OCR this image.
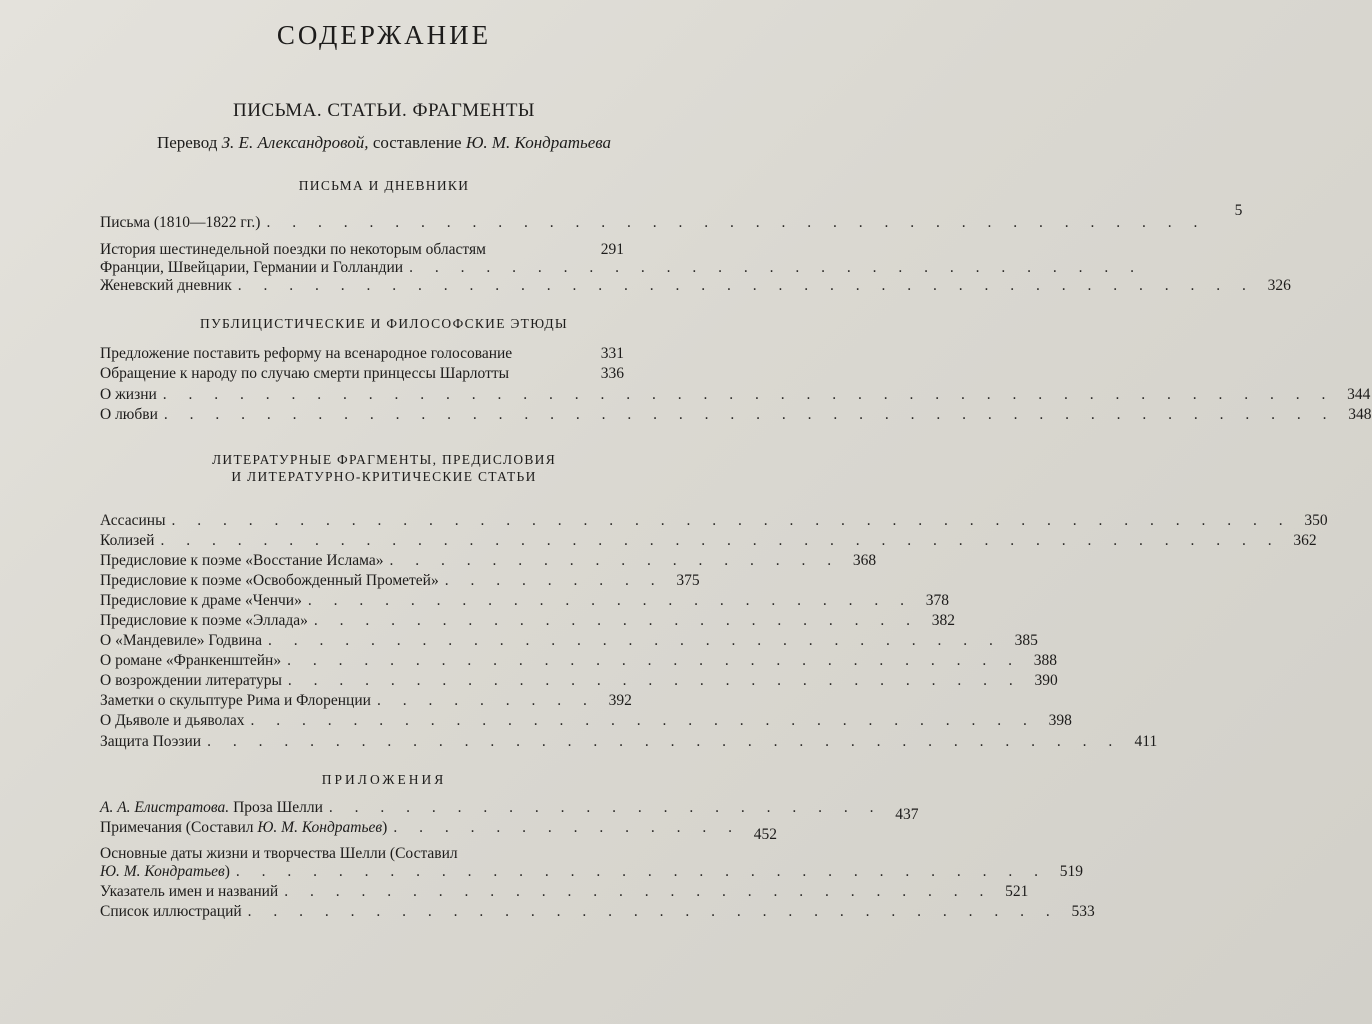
СОДЕРЖАНИЕ
ПИСЬМА. СТАТЬИ. ФРАГМЕНТЫ
Перевод З. Е. Александровой, составление Ю. М. Кондратьева
ПИСЬМА И ДНЕВНИКИ
Письма (1810—1822 гг.) . . . . . . . . . . . . . . . . . . . . . . . . . . . . . . . . . . . . .
5
История шестинедельной поездки по некоторым областям	291
Франции, Швейцарии, Германии и Голландии . . . . . . . . . . . . . . . . . . . . . . . . . . . . .
Женевский дневник . . . . . . . . . . . . . . . . . . . . . . . . . . . . . . . . . . . . . . . . 326
ПУБЛИЦИСТИЧЕСКИЕ И ФИЛОСОФСКИЕ ЭТЮДЫ
Предложение поставить реформу на всенародное голосование	331
Обращение к народу по случаю смерти принцессы Шарлотты	336
О жизни . . . . . . . . . . . . . . . . . . . . . . . . . . . . . . . . . . . . . . . . . . . . . . 344
О любви . . . . . . . . . . . . . . . . . . . . . . . . . . . . . . . . . . . . . . . . . . . . . . 348
ЛИТЕРАТУРНЫЕ ФРАГМЕНТЫ, ПРЕДИСЛОВИЯ
И ЛИТЕРАТУРНО-КРИТИЧЕСКИЕ СТАТЬИ
Ассасины . . . . . . . . . . . . . . . . . . . . . . . . . . . . . . . . . . . . . . . . . . . . 350
Колизей . . . . . . . . . . . . . . . . . . . . . . . . . . . . . . . . . . . . . . . . . . . . 362
Предисловие к поэме «Восстание Ислама» . . . . . . . . . . . . . . . . . . 368
Предисловие к поэме «Освобожденный Прометей» . . . . . . . . . 375
Предисловие к драме «Ченчи» . . . . . . . . . . . . . . . . . . . . . . . . 378
Предисловие к поэме «Эллада» . . . . . . . . . . . . . . . . . . . . . . . . 382
О «Мандевиле» Годвина . . . . . . . . . . . . . . . . . . . . . . . . . . . . . 385
О романе «Франкенштейн» . . . . . . . . . . . . . . . . . . . . . . . . . . . . . 388
О возрождении литературы . . . . . . . . . . . . . . . . . . . . . . . . . . . . . 390
Заметки о скульптуре Рима и Флоренции . . . . . . . . . 392
О Дьяволе и дьяволах . . . . . . . . . . . . . . . . . . . . . . . . . . . . . . . 398
Защита Поэзии . . . . . . . . . . . . . . . . . . . . . . . . . . . . . . . . . . . . 411
ПРИЛОЖЕНИЯ
А. А. Елистратова. Проза Шелли . . . . . . . . . . . . . . . . . . . . . . 437
Примечания (Составил Ю. М. Кондратьев) . . . . . . . . . . . . . . 452
Основные даты жизни и творчества Шелли (Составил
Ю. М. Кондратьев) . . . . . . . . . . . . . . . . . . . . . . . . . . . . . . . . 519
Указатель имен и названий . . . . . . . . . . . . . . . . . . . . . . . . . . . . 521
Список иллюстраций . . . . . . . . . . . . . . . . . . . . . . . . . . . . . . . . 533
